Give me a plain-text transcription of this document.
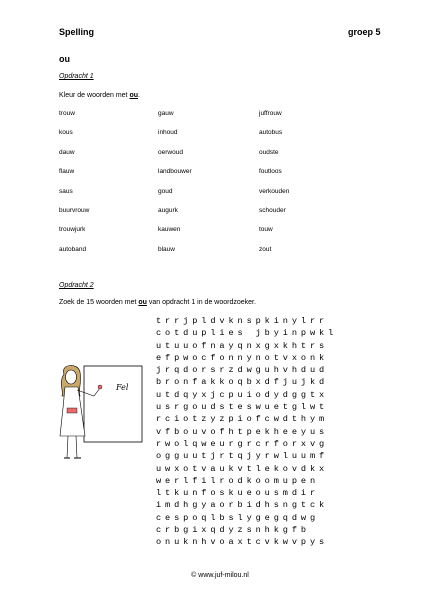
Spelling	groep 5
ou
Opdracht 1
Kleur de woorden met ou.
trouw
kous
dauw
flauw
saus
buurvrouw
trouwjurk
autoband
gauw
inhoud
oerwoud
landbouwer
goud
augurk
kauwen
blauw
juffrouw
autobus
oudste
foutloos
verkouden
schouder
touw
zout
Opdracht 2
Zoek de 15 woorden met ou van opdracht 1 in de woordzoeker.
Fel
trrjpldvknspkinylrr
cotduplies jbyinpwkl
utuuofnayqnxgxkhtrs
efpwocfonnynotvxonk
jrqdorsrzdwguhvhdud
bronfakkoqbxdfjujkd
utdqyxjcpuiodydggtx
usrgoudsteswuetglwt
rciotzyzpiofcwdthym
vfbouvofhtpekheeyus
rwolqweurgrcrforxvg
ogguutjrtqjyrwluumf
uwxotvaukvtlekovdkx
werlfilrodkoomupen
ltkunfoskueousmdir
imdhgyaorbidhsngtck
cespoqlbslygegqdwg
crbgixqdyzsnhkgfb
onuknhvoaxtcvkwvpys
© www.juf-milou.nl
